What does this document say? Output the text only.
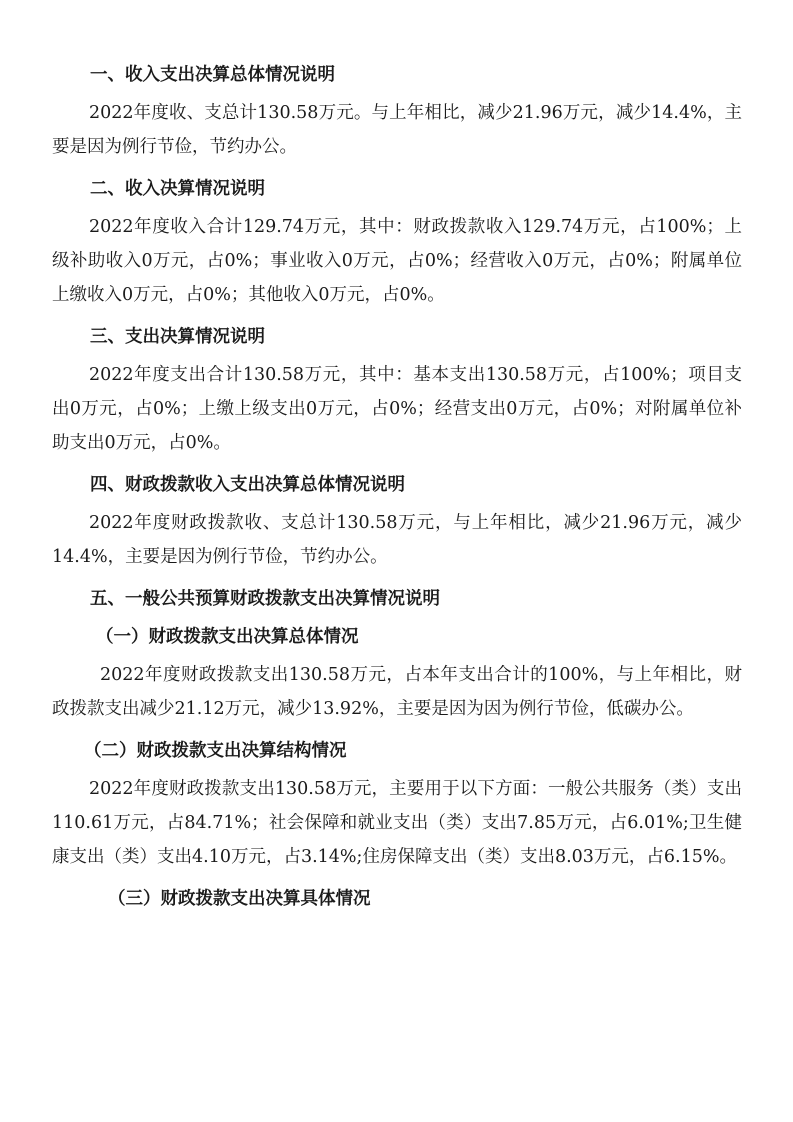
一、收入支出决算总体情况说明

2022年度收、支总计130.58万元。与上年相比，减少21.96万元，减少14.4%，主要是因为例行节俭，节约办公。

二、收入决算情况说明

2022年度收入合计129.74万元，其中：财政拨款收入129.74万元，占100%；上级补助收入0万元，占0%；事业收入0万元，占0%；经营收入0万元，占0%；附属单位上缴收入0万元，占0%；其他收入0万元，占0%。

三、支出决算情况说明

2022年度支出合计130.58万元，其中：基本支出130.58万元，占100%；项目支出0万元，占0%；上缴上级支出0万元，占0%；经营支出0万元，占0%；对附属单位补助支出0万元，占0%。

四、财政拨款收入支出决算总体情况说明

2022年度财政拨款收、支总计130.58万元，与上年相比，减少21.96万元，减少14.4%，主要是因为例行节俭，节约办公。

五、一般公共预算财政拨款支出决算情况说明
（一）财政拨款支出决算总体情况

2022年度财政拨款支出130.58万元，占本年支出合计的100%，与上年相比，财政拨款支出减少21.12万元，减少13.92%，主要是因为因为例行节俭，低碳办公。

（二）财政拨款支出决算结构情况

2022年度财政拨款支出130.58万元，主要用于以下方面：一般公共服务（类）支出110.61万元，占84.71%；社会保障和就业支出（类）支出7.85万元，占6.01%;卫生健康支出（类）支出4.10万元，占3.14%;住房保障支出（类）支出8.03万元，占6.15%。

（三）财政拨款支出决算具体情况
